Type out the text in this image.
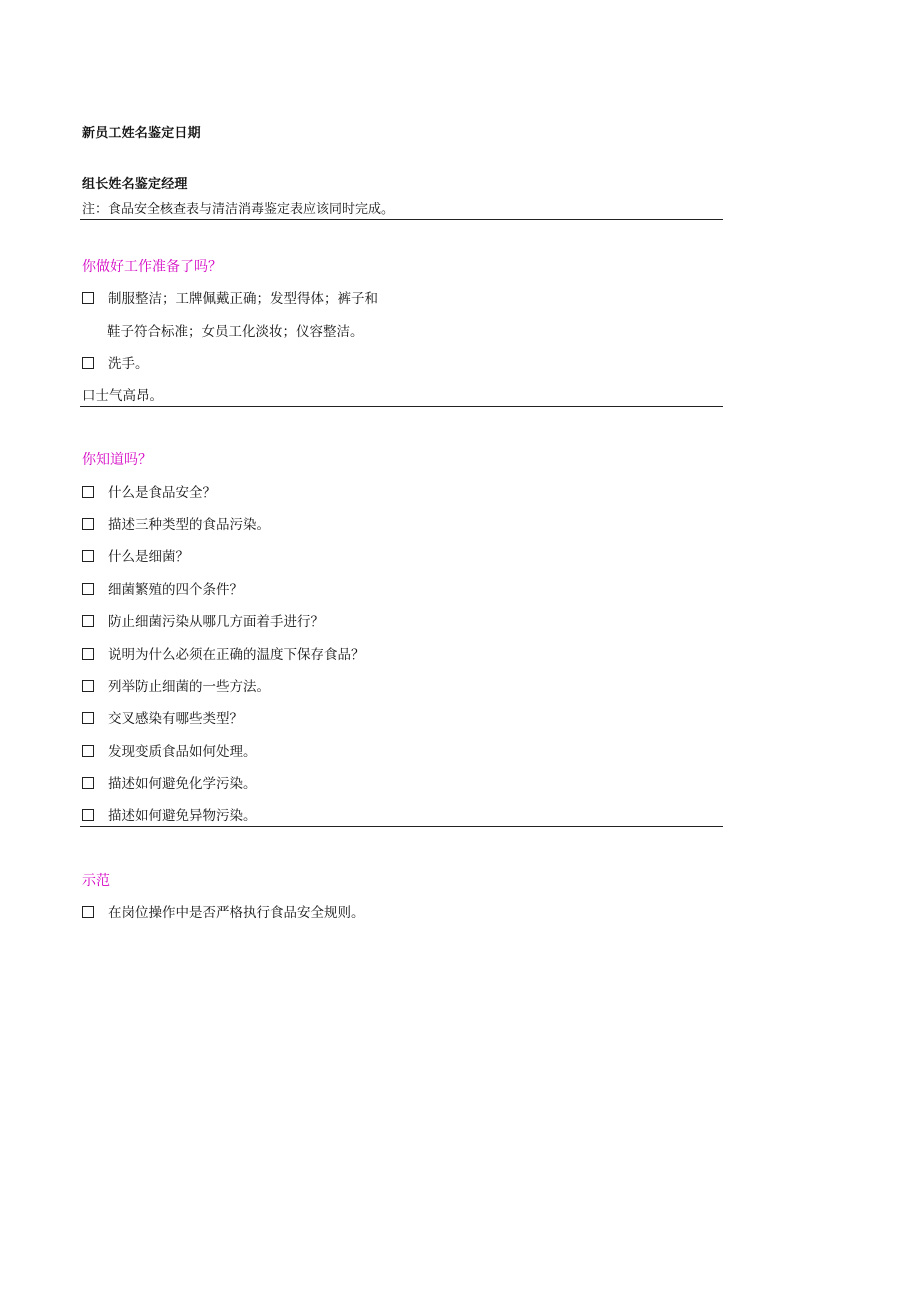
新员工姓名鉴定日期
组长姓名鉴定经理
注：食品安全核查表与清洁消毒鉴定表应该同时完成。
你做好工作准备了吗？
制服整洁；工牌佩戴正确；发型得体；裤子和
鞋子符合标准；女员工化淡妆；仪容整洁。
洗手。
口士气高昂。
你知道吗？
什么是食品安全？
描述三种类型的食品污染。
什么是细菌？
细菌繁殖的四个条件？
防止细菌污染从哪几方面着手进行？
说明为什么必须在正确的温度下保存食品？
列举防止细菌的一些方法。
交叉感染有哪些类型？
发现变质食品如何处理。
描述如何避免化学污染。
描述如何避免异物污染。
示范
在岗位操作中是否严格执行食品安全规则。
